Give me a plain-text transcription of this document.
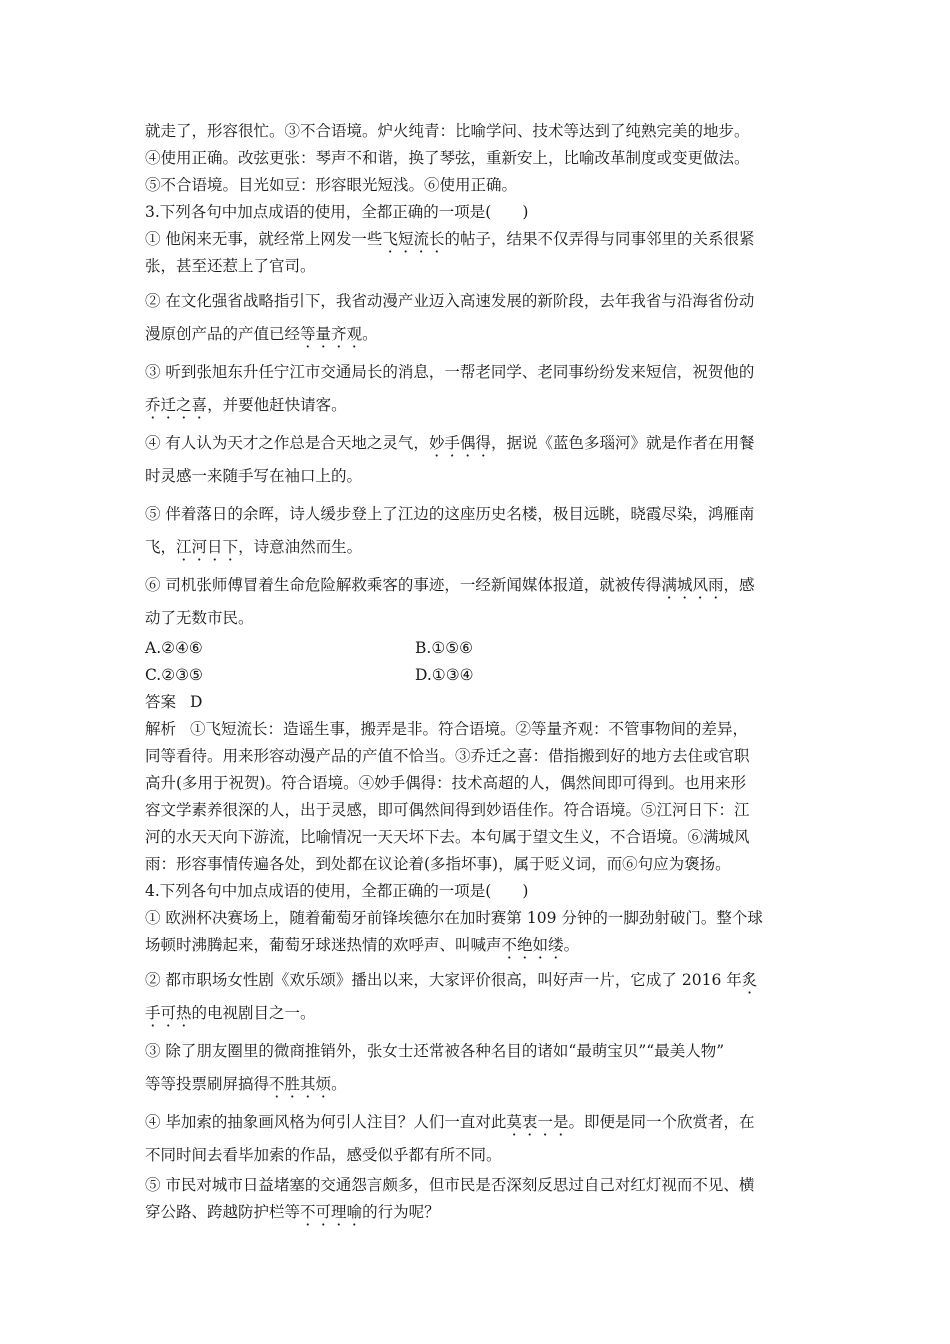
就走了，形容很忙。③不合语境。炉火纯青：比喻学问、技术等达到了纯熟完美的地步。
④使用正确。改弦更张：琴声不和谐，换了琴弦，重新安上，比喻改革制度或变更做法。
⑤不合语境。目光如豆：形容眼光短浅。⑥使用正确。
3.下列各句中加点成语的使用，全都正确的一项是(　　)
① 他闲来无事，就经常上网发一些飞短流长的帖子，结果不仅弄得与同事邻里的关系很紧
张，甚至还惹上了官司。
② 在文化强省战略指引下，我省动漫产业迈入高速发展的新阶段，去年我省与沿海省份动
漫原创产品的产值已经等量齐观。
③ 听到张旭东升任宁江市交通局长的消息，一帮老同学、老同事纷纷发来短信，祝贺他的
乔迁之喜，并要他赶快请客。
④ 有人认为天才之作总是合天地之灵气，妙手偶得，据说《蓝色多瑙河》就是作者在用餐
时灵感一来随手写在袖口上的。
⑤ 伴着落日的余晖，诗人缓步登上了江边的这座历史名楼，极目远眺，晓霞尽染，鸿雁南
飞，江河日下，诗意油然而生。
⑥ 司机张师傅冒着生命危险解救乘客的事迹，一经新闻媒体报道，就被传得满城风雨，感
动了无数市民。
A.②④⑥	B.①⑤⑥
C.②③⑤	D.①③④
答案 D
解析 ①飞短流长：造谣生事，搬弄是非。符合语境。②等量齐观：不管事物间的差异，
同等看待。用来形容动漫产品的产值不恰当。③乔迁之喜：借指搬到好的地方去住或官职
高升(多用于祝贺)。符合语境。④妙手偶得：技术高超的人，偶然间即可得到。也用来形
容文学素养很深的人，出于灵感，即可偶然间得到妙语佳作。符合语境。⑤江河日下：江
河的水天天向下游流，比喻情况一天天坏下去。本句属于望文生义，不合语境。⑥满城风
雨：形容事情传遍各处，到处都在议论着(多指坏事)，属于贬义词，而⑥句应为褒扬。
4.下列各句中加点成语的使用，全都正确的一项是(　　)
① 欧洲杯决赛场上，随着葡萄牙前锋埃德尔在加时赛第 109 分钟的一脚劲射破门。整个球
场顿时沸腾起来，葡萄牙球迷热情的欢呼声、叫喊声不绝如缕。
② 都市职场女性剧《欢乐颂》播出以来，大家评价很高，叫好声一片，它成了 2016 年炙
手可热的电视剧目之一。
③ 除了朋友圈里的微商推销外，张女士还常被各种名目的诸如“最萌宝贝”“最美人物”
等等投票刷屏搞得不胜其烦。
④ 毕加索的抽象画风格为何引人注目？人们一直对此莫衷一是。即便是同一个欣赏者，在
不同时间去看毕加索的作品，感受似乎都有所不同。
⑤ 市民对城市日益堵塞的交通怨言颇多，但市民是否深刻反思过自己对红灯视而不见、横
穿公路、跨越防护栏等不可理喻的行为呢？
